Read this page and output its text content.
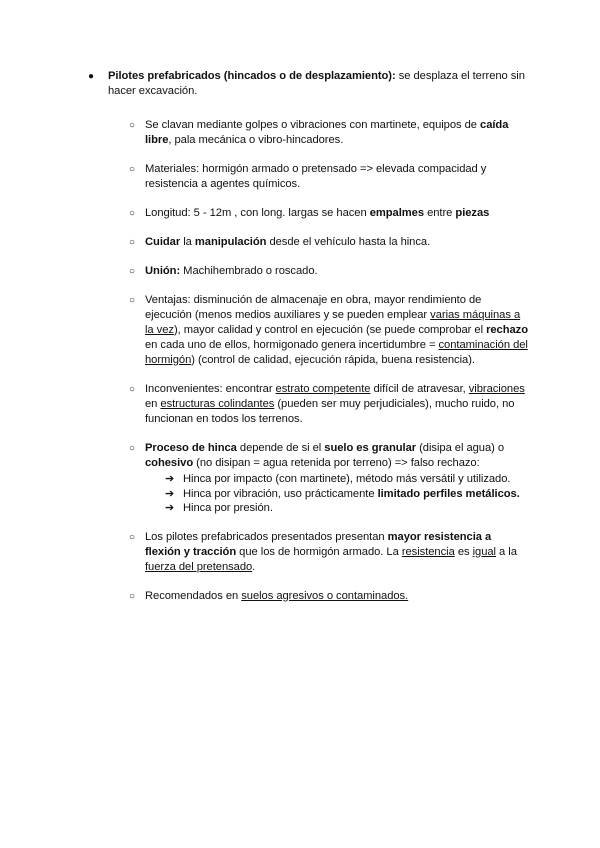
● Pilotes prefabricados (hincados o de desplazamiento): se desplaza el terreno sin hacer excavación.
○ Se clavan mediante golpes o vibraciones con martinete, equipos de caída libre, pala mecánica o vibro-hincadores.
○ Materiales: hormigón armado o pretensado => elevada compacidad y resistencia a agentes químicos.
○ Longitud: 5 - 12m , con long. largas se hacen empalmes entre piezas
○ Cuidar la manipulación desde el vehículo hasta la hinca.
○ Unión: Machihembrado o roscado.
○ Ventajas: disminución de almacenaje en obra, mayor rendimiento de ejecución (menos medios auxiliares y se pueden emplear varias máquinas a la vez), mayor calidad y control en ejecución (se puede comprobar el rechazo en cada uno de ellos, hormigonado genera incertidumbre = contaminación del hormigón) (control de calidad, ejecución rápida, buena resistencia).
○ Inconvenientes: encontrar estrato competente difícil de atravesar, vibraciones en estructuras colindantes (pueden ser muy perjudiciales), mucho ruido, no funcionan en todos los terrenos.
○ Proceso de hinca depende de si el suelo es granular (disipa el agua) o cohesivo (no disipan = agua retenida por terreno) => falso rechazo:
➔ Hinca por impacto (con martinete), método más versátil y utilizado.
➔ Hinca por vibración, uso prácticamente limitado perfiles metálicos.
➔ Hinca por presión.
○ Los pilotes prefabricados presentados presentan mayor resistencia a flexión y tracción que los de hormigón armado. La resistencia es igual a la fuerza del pretensado.
○ Recomendados en suelos agresivos o contaminados.
